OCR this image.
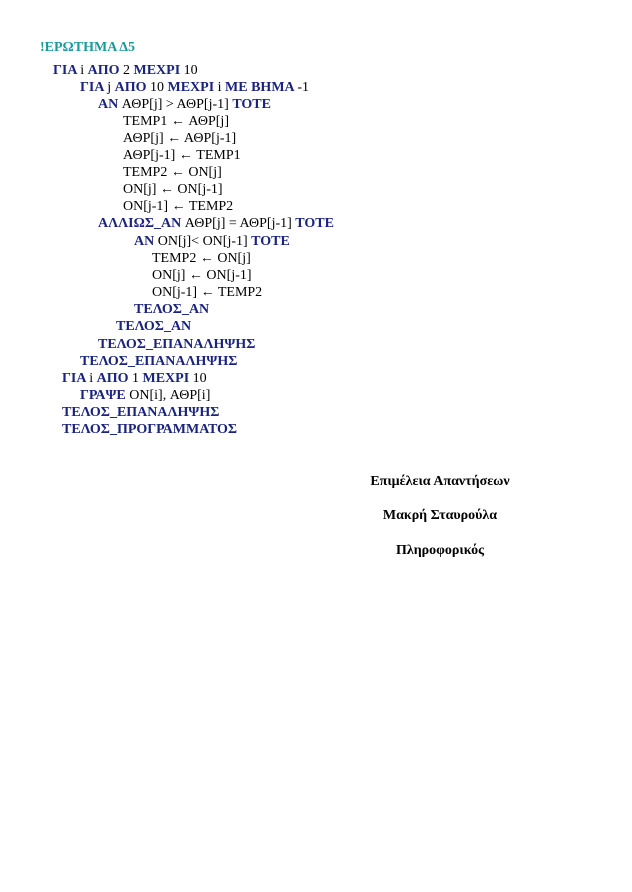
!ΕΡΩΤΗΜΑ Δ5
ΓΙΑ i ΑΠΟ 2 ΜΕΧΡΙ 10
ΓΙΑ j ΑΠΟ 10 ΜΕΧΡΙ i ΜΕ ΒΗΜΑ -1
ΑΝ ΑΘΡ[j] > ΑΘΡ[j-1] ΤΟΤΕ
TEMP1 ← ΑΘΡ[j]
ΑΘΡ[j] ← ΑΘΡ[j-1]
ΑΘΡ[j-1] ← TEMP1
TEMP2 ← ON[j]
ON[j] ← ON[j-1]
ON[j-1] ← TEMP2
ΑΛΛΙΩΣ_ΑΝ ΑΘΡ[j] = ΑΘΡ[j-1] ΤΟΤΕ
ΑΝ ON[j]< ON[j-1] ΤΟΤΕ
TEMP2 ← ON[j]
ON[j] ← ON[j-1]
ON[j-1] ← TEMP2
ΤΕΛΟΣ_ΑΝ
ΤΕΛΟΣ_ΑΝ
ΤΕΛΟΣ_ΕΠΑΝΑΛΗΨΗΣ
ΤΕΛΟΣ_ΕΠΑΝΑΛΗΨΗΣ
ΓΙΑ i ΑΠΟ 1 ΜΕΧΡΙ 10
ΓΡΑΨΕ ON[i], ΑΘΡ[i]
ΤΕΛΟΣ_ΕΠΑΝΑΛΗΨΗΣ
ΤΕΛΟΣ_ΠΡΟΓΡΑΜΜΑΤΟΣ
Επιμέλεια Απαντήσεων
Μακρή Σταυρούλα
Πληροφορικός
